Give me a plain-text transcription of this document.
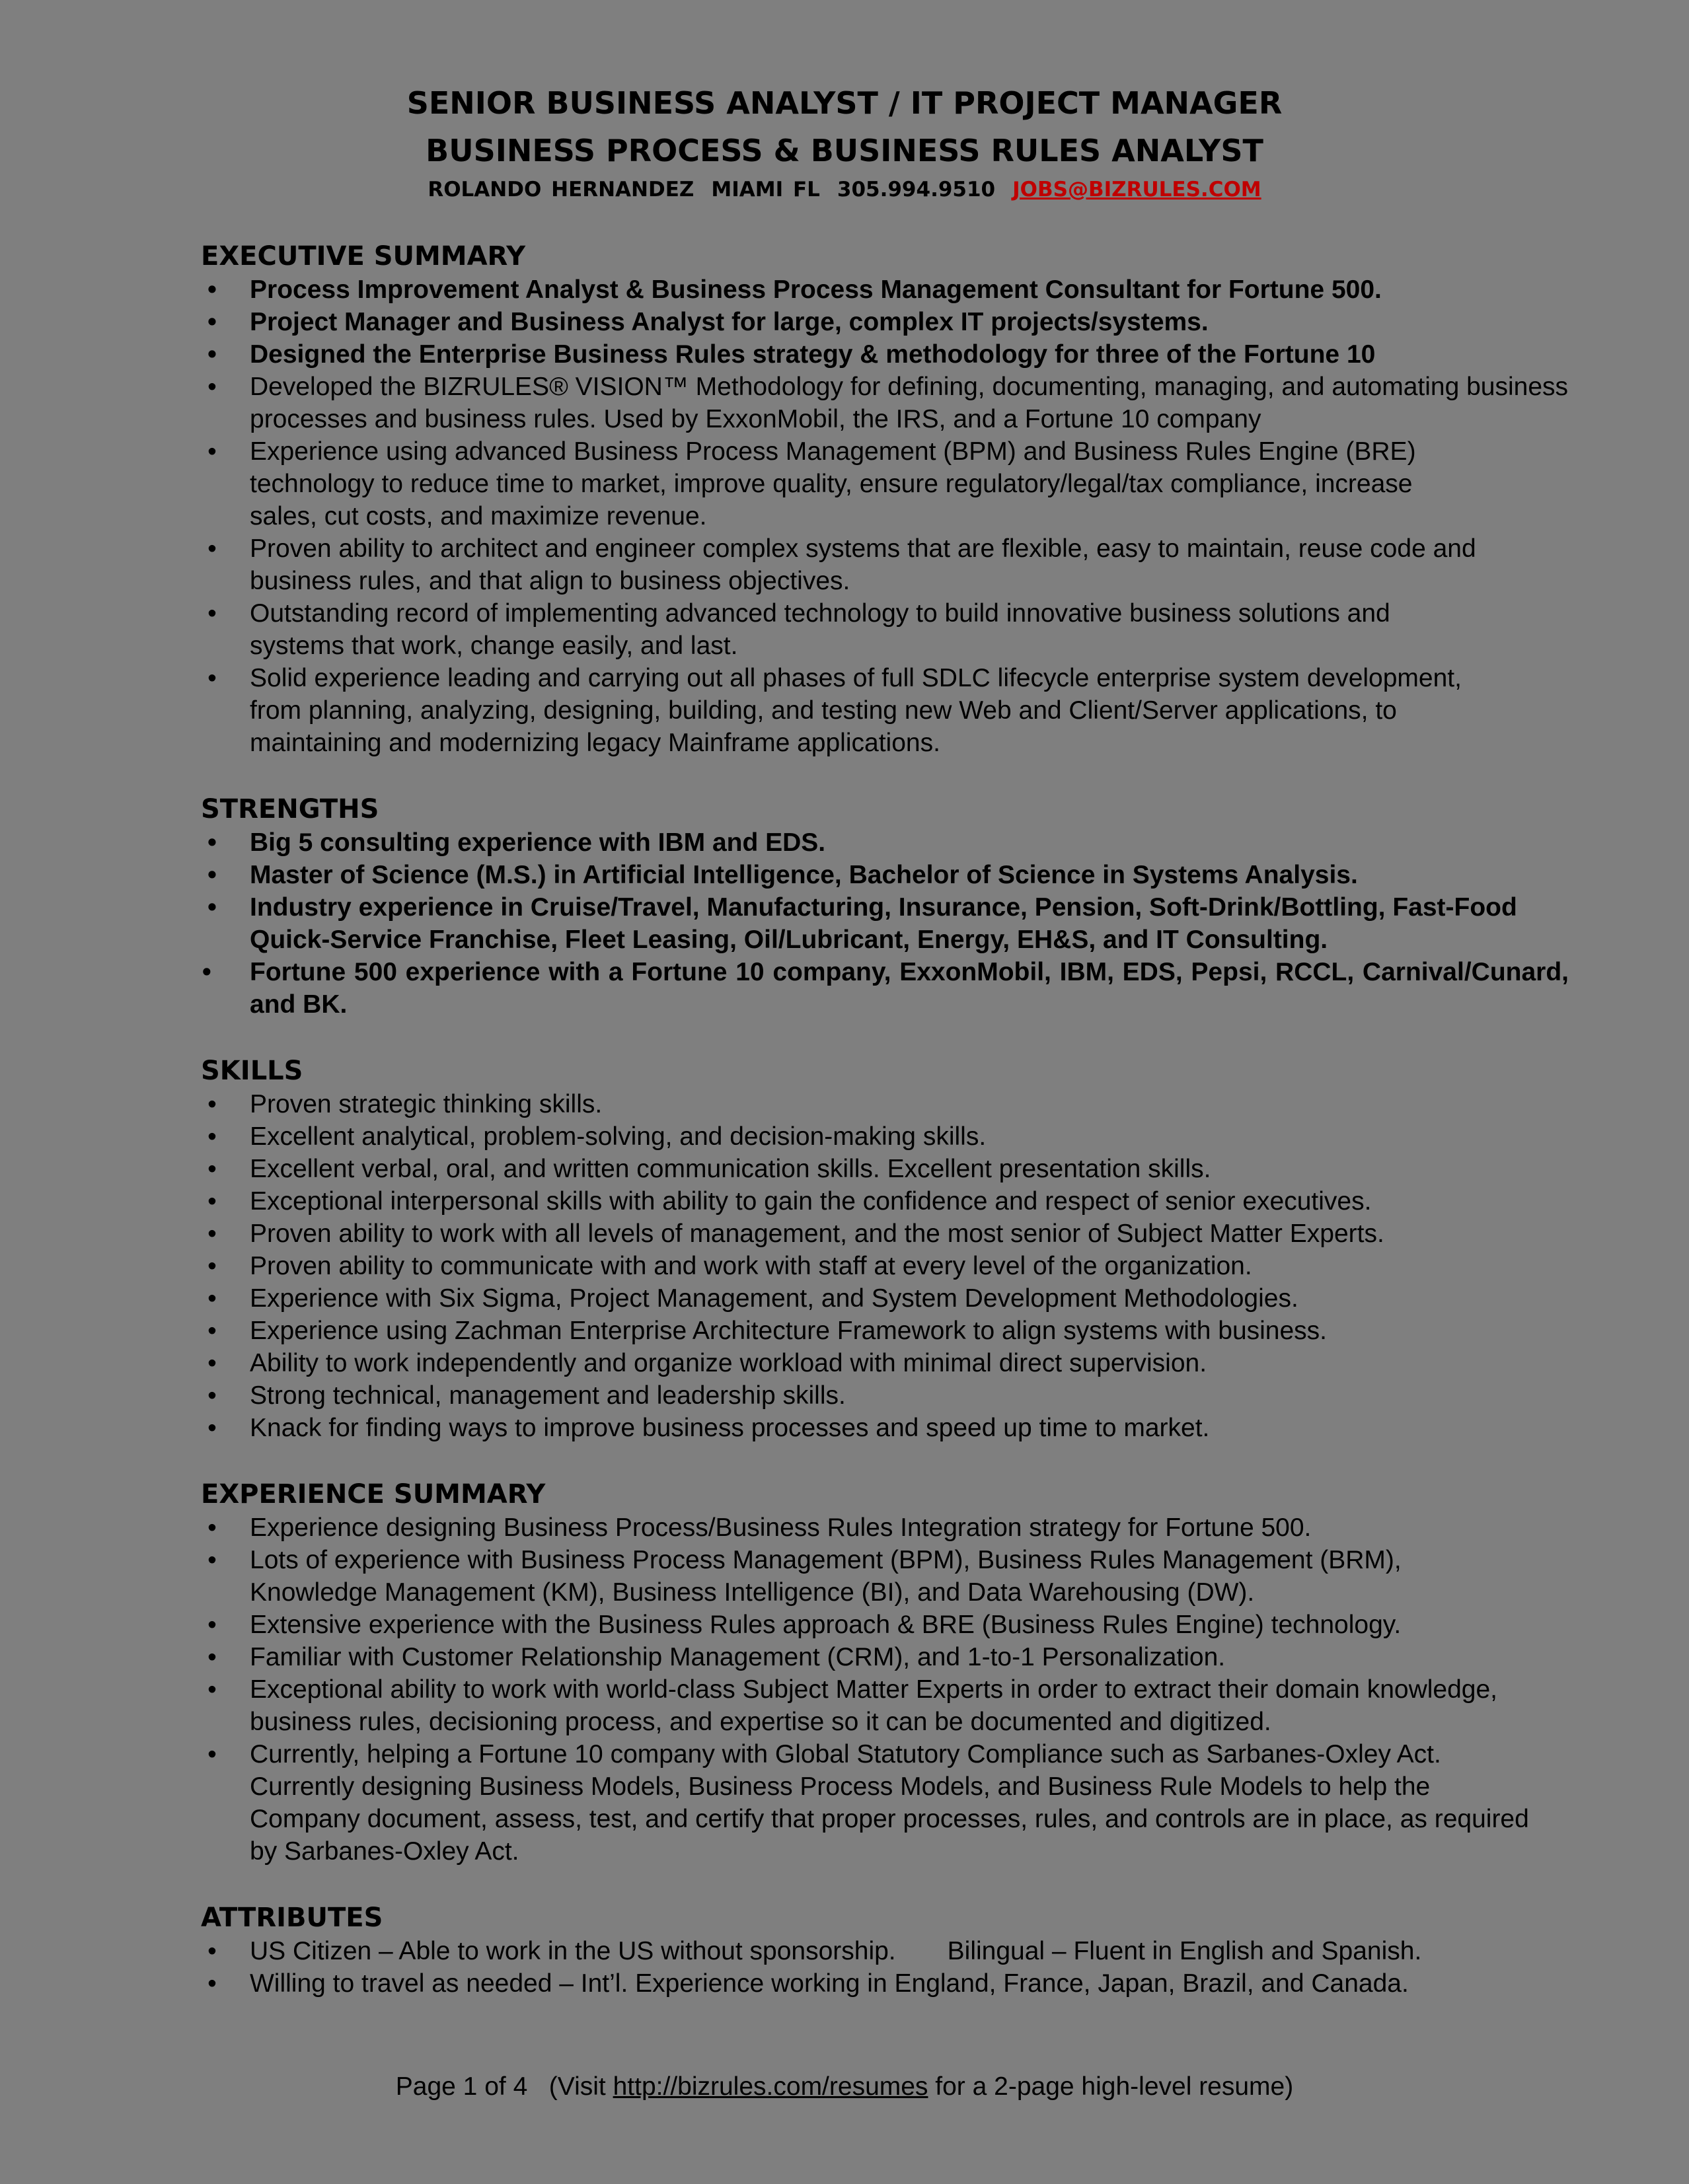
SENIOR BUSINESS ANALYST / IT PROJECT MANAGER
BUSINESS PROCESS & BUSINESS RULES ANALYST
ROLANDO HERNANDEZ MIAMI FL 305.994.9510 JOBS@BIZRULES.COM
EXECUTIVE SUMMARY
• Process Improvement Analyst & Business Process Management Consultant for Fortune 500.
• Project Manager and Business Analyst for large, complex IT projects/systems.
• Designed the Enterprise Business Rules strategy & methodology for three of the Fortune 10
• Developed the BIZRULES® VISION™ Methodology for defining, documenting, managing, and automating business processes and business rules. Used by ExxonMobil, the IRS, and a Fortune 10 company
• Experience using advanced Business Process Management (BPM) and Business Rules Engine (BRE) technology to reduce time to market, improve quality, ensure regulatory/legal/tax compliance, increase sales, cut costs, and maximize revenue.
• Proven ability to architect and engineer complex systems that are flexible, easy to maintain, reuse code and business rules, and that align to business objectives.
• Outstanding record of implementing advanced technology to build innovative business solutions and systems that work, change easily, and last.
• Solid experience leading and carrying out all phases of full SDLC lifecycle enterprise system development, from planning, analyzing, designing, building, and testing new Web and Client/Server applications, to maintaining and modernizing legacy Mainframe applications.
STRENGTHS
• Big 5 consulting experience with IBM and EDS.
• Master of Science (M.S.) in Artificial Intelligence, Bachelor of Science in Systems Analysis.
• Industry experience in Cruise/Travel, Manufacturing, Insurance, Pension, Soft-Drink/Bottling, Fast-Food Quick-Service Franchise, Fleet Leasing, Oil/Lubricant, Energy, EH&S, and IT Consulting.
•	Fortune 500 experience with a Fortune 10 company, ExxonMobil, IBM, EDS, Pepsi, RCCL, Carnival/Cunard, and BK.
SKILLS
• Proven strategic thinking skills.
• Excellent analytical, problem-solving, and decision-making skills.
• Excellent verbal, oral, and written communication skills. Excellent presentation skills.
• Exceptional interpersonal skills with ability to gain the confidence and respect of senior executives.
• Proven ability to work with all levels of management, and the most senior of Subject Matter Experts.
• Proven ability to communicate with and work with staff at every level of the organization.
• Experience with Six Sigma, Project Management, and System Development Methodologies.
• Experience using Zachman Enterprise Architecture Framework to align systems with business.
• Ability to work independently and organize workload with minimal direct supervision.
• Strong technical, management and leadership skills.
• Knack for finding ways to improve business processes and speed up time to market.
EXPERIENCE SUMMARY
• Experience designing Business Process/Business Rules Integration strategy for Fortune 500.
• Lots of experience with Business Process Management (BPM), Business Rules Management (BRM), Knowledge Management (KM), Business Intelligence (BI), and Data Warehousing (DW).
• Extensive experience with the Business Rules approach & BRE (Business Rules Engine) technology.
• Familiar with Customer Relationship Management (CRM), and 1-to-1 Personalization.
• Exceptional ability to work with world-class Subject Matter Experts in order to extract their domain knowledge, business rules, decisioning process, and expertise so it can be documented and digitized.
• Currently, helping a Fortune 10 company with Global Statutory Compliance such as Sarbanes-Oxley Act. Currently designing Business Models, Business Process Models, and Business Rule Models to help the Company document, assess, test, and certify that proper processes, rules, and controls are in place, as required by Sarbanes-Oxley Act.
ATTRIBUTES
• US Citizen – Able to work in the US without sponsorship. Bilingual – Fluent in English and Spanish.
• Willing to travel as needed – Int’l. Experience working in England, France, Japan, Brazil, and Canada.
Page 1 of 4 (Visit http://bizrules.com/resumes for a 2-page high-level resume)
